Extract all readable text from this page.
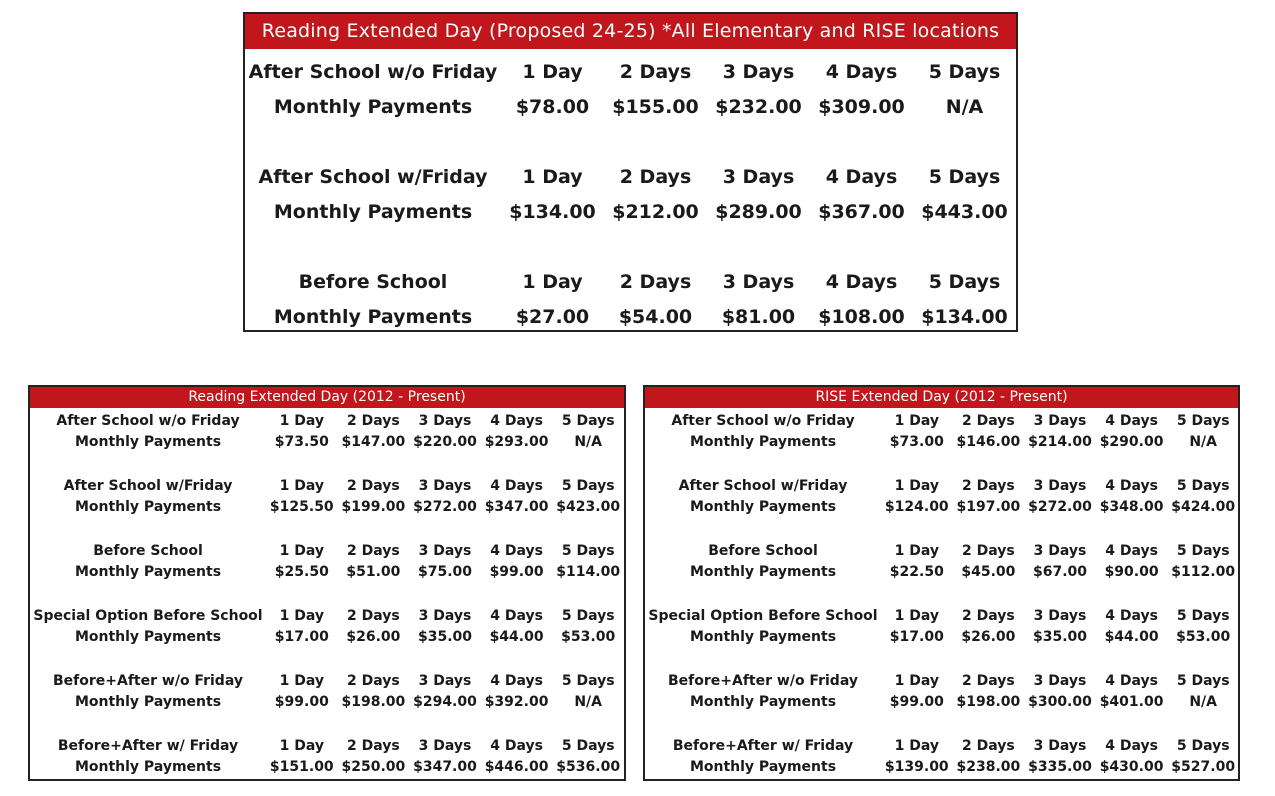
Reading Extended Day (Proposed 24-25) *All Elementary and RISE locations
After School w/o Friday	1 Day	2 Days	3 Days	4 Days	5 Days
Monthly Payments	$78.00	$155.00	$232.00	$309.00	N/A

After School w/Friday	1 Day	2 Days	3 Days	4 Days	5 Days
Monthly Payments	$134.00	$212.00	$289.00	$367.00	$443.00

Before School	1 Day	2 Days	3 Days	4 Days	5 Days
Monthly Payments	$27.00	$54.00	$81.00	$108.00	$134.00
Reading Extended Day (2012 - Present)
After School w/o Friday	1 Day	2 Days	3 Days	4 Days	5 Days
Monthly Payments	$73.50	$147.00	$220.00	$293.00	N/A

After School w/Friday	1 Day	2 Days	3 Days	4 Days	5 Days
Monthly Payments	$125.50	$199.00	$272.00	$347.00	$423.00

Before School	1 Day	2 Days	3 Days	4 Days	5 Days
Monthly Payments	$25.50	$51.00	$75.00	$99.00	$114.00

Special Option Before School	1 Day	2 Days	3 Days	4 Days	5 Days
Monthly Payments	$17.00	$26.00	$35.00	$44.00	$53.00

Before+After w/o Friday	1 Day	2 Days	3 Days	4 Days	5 Days
Monthly Payments	$99.00	$198.00	$294.00	$392.00	N/A

Before+After w/ Friday	1 Day	2 Days	3 Days	4 Days	5 Days
Monthly Payments	$151.00	$250.00	$347.00	$446.00	$536.00
RISE Extended Day (2012 - Present)
After School w/o Friday	1 Day	2 Days	3 Days	4 Days	5 Days
Monthly Payments	$73.00	$146.00	$214.00	$290.00	N/A

After School w/Friday	1 Day	2 Days	3 Days	4 Days	5 Days
Monthly Payments	$124.00	$197.00	$272.00	$348.00	$424.00

Before School	1 Day	2 Days	3 Days	4 Days	5 Days
Monthly Payments	$22.50	$45.00	$67.00	$90.00	$112.00

Special Option Before School	1 Day	2 Days	3 Days	4 Days	5 Days
Monthly Payments	$17.00	$26.00	$35.00	$44.00	$53.00

Before+After w/o Friday	1 Day	2 Days	3 Days	4 Days	5 Days
Monthly Payments	$99.00	$198.00	$300.00	$401.00	N/A

Before+After w/ Friday	1 Day	2 Days	3 Days	4 Days	5 Days
Monthly Payments	$139.00	$238.00	$335.00	$430.00	$527.00
